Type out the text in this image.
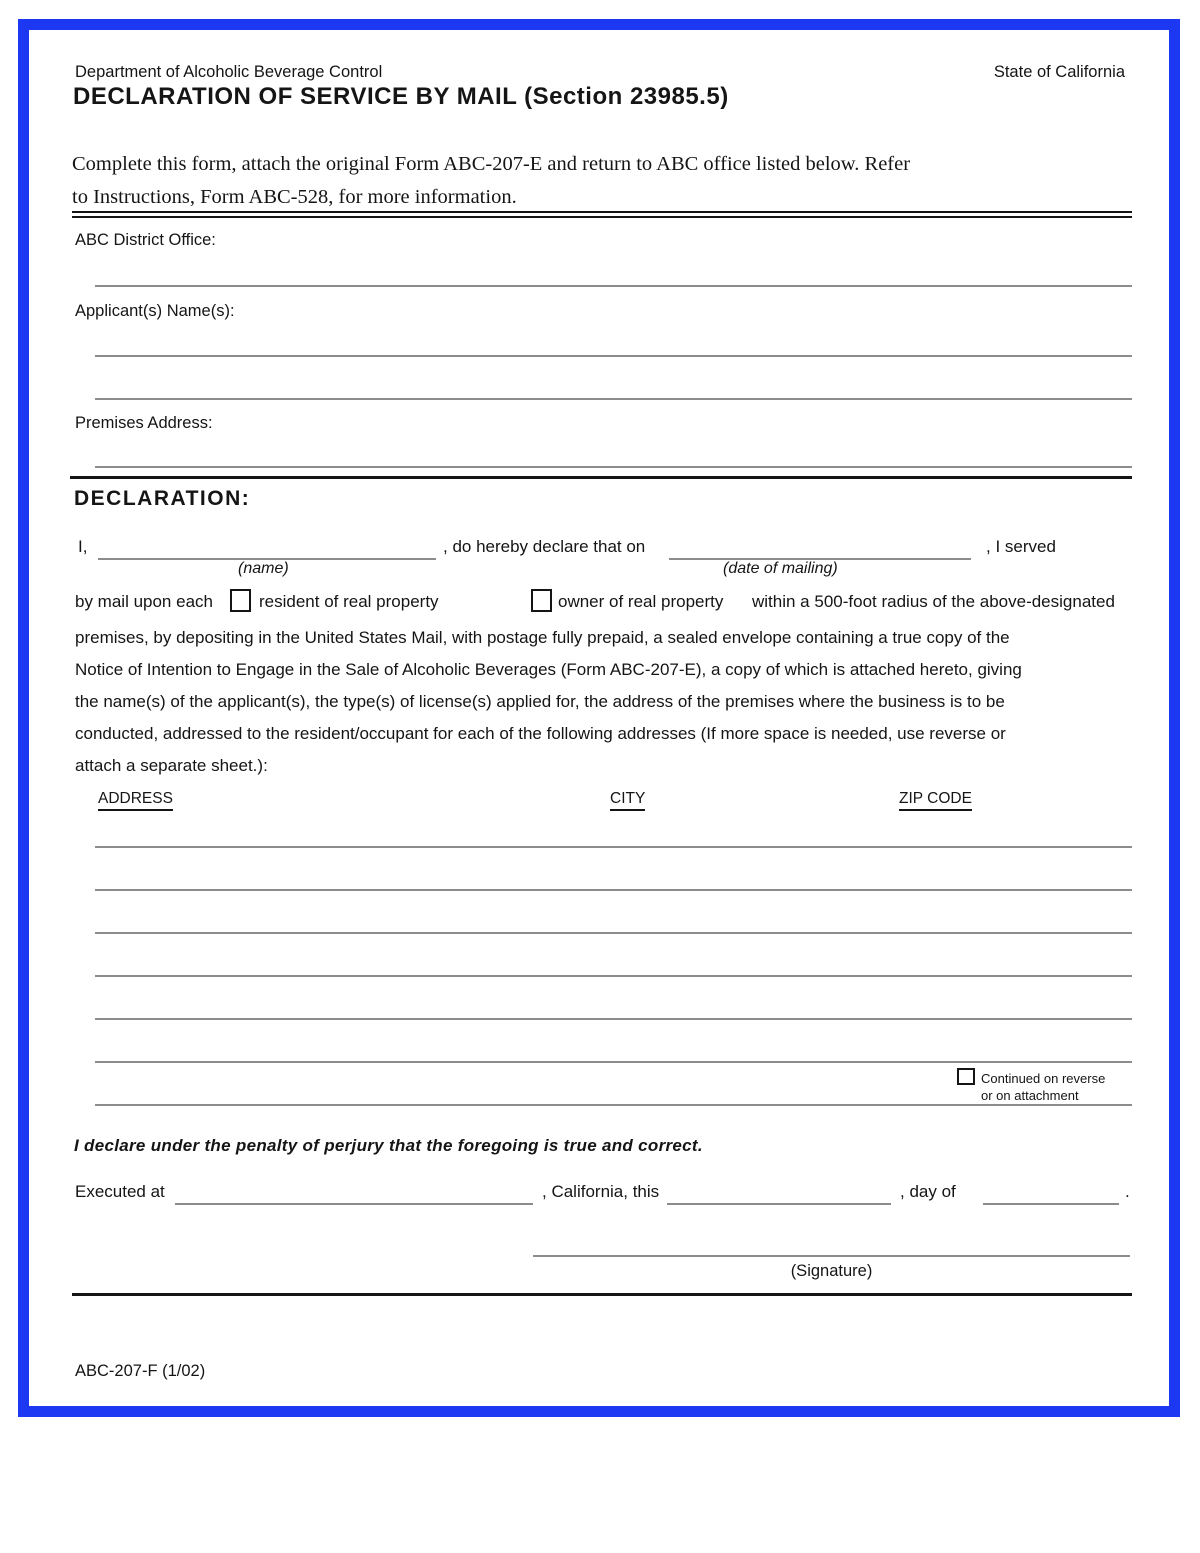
Department of Alcoholic Beverage Control	State of California
DECLARATION OF SERVICE BY MAIL (Section 23985.5)
Complete this form, attach the original Form ABC-207-E and return to ABC office listed below. Refer
to Instructions, Form ABC-528, for more information.
ABC District Office:
Applicant(s) Name(s):
Premises Address:
DECLARATION:
I,	, do hereby declare that on	, I served
(name)	(date of mailing)
by mail upon each	resident of real property	owner of real property within a 500-foot radius of the above-designated
premises, by depositing in the United States Mail, with postage fully prepaid, a sealed envelope containing a true copy of the
Notice of Intention to Engage in the Sale of Alcoholic Beverages (Form ABC-207-E), a copy of which is attached hereto, giving
the name(s) of the applicant(s), the type(s) of license(s) applied for, the address of the premises where the business is to be
conducted, addressed to the resident/occupant for each of the following addresses (If more space is needed, use reverse or
attach a separate sheet.):
ADDRESS	CITY	ZIP CODE
Continued on reverse
or on attachment
I declare under the penalty of perjury that the foregoing is true and correct.
Executed at	, California, this	, day of	.
(Signature)
ABC-207-F (1/02)
